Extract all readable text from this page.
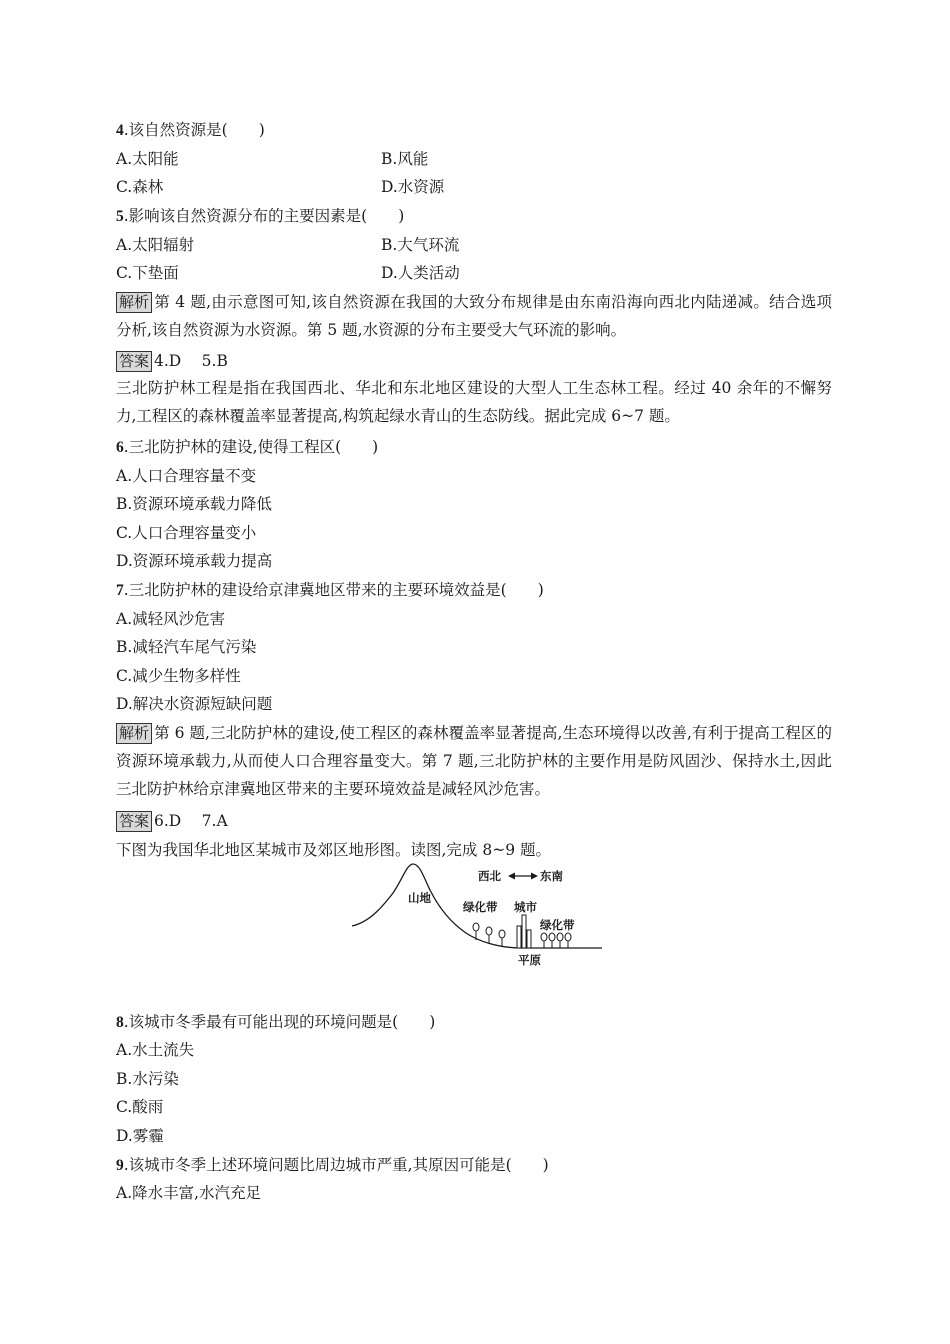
4.该自然资源是(　　)
A.太阳能	B.风能
C.森林	D.水资源
5.影响该自然资源分布的主要因素是(　　)
A.太阳辐射	B.大气环流
C.下垫面	D.人类活动
解析 第 4 题,由示意图可知,该自然资源在我国的大致分布规律是由东南沿海向西北内陆递减。结合选项分析,该自然资源为水资源。第 5 题,水资源的分布主要受大气环流的影响。
答案 4.D　 5.B
三北防护林工程是指在我国西北、华北和东北地区建设的大型人工生态林工程。经过 40 余年的不懈努力,工程区的森林覆盖率显著提高,构筑起绿水青山的生态防线。据此完成 6~7 题。
6.三北防护林的建设,使得工程区(　　)
A.人口合理容量不变
B.资源环境承载力降低
C.人口合理容量变小
D.资源环境承载力提高
7.三北防护林的建设给京津冀地区带来的主要环境效益是(　　)
A.减轻风沙危害
B.减轻汽车尾气污染
C.减少生物多样性
D.解决水资源短缺问题
解析 第 6 题,三北防护林的建设,使工程区的森林覆盖率显著提高,生态环境得以改善,有利于提高工程区的资源环境承载力,从而使人口合理容量变大。第 7 题,三北防护林的主要作用是防风固沙、保持水土,因此三北防护林给京津冀地区带来的主要环境效益是减轻风沙危害。
答案 6.D　 7.A
下图为我国华北地区某城市及郊区地形图。读图,完成 8~9 题。
山地
西北	东南
绿化带 城市
绿化带
平原
8.该城市冬季最有可能出现的环境问题是(　　)
A.水土流失
B.水污染
C.酸雨
D.雾霾
9.该城市冬季上述环境问题比周边城市严重,其原因可能是(　　)
A.降水丰富,水汽充足
